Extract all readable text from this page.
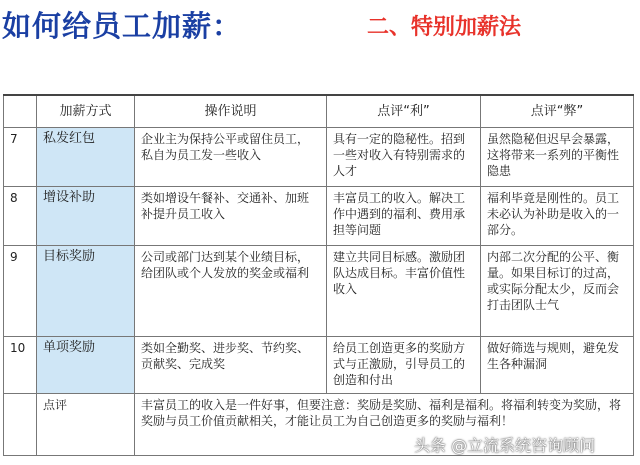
如何给员工加薪：	二、特别加薪法
	加薪方式	操作说明	点评“利”	点评“弊”
7	私发红包	企业主为保持公平或留住员工，私自为员工发一些收入	具有一定的隐秘性。招到一些对收入有特别需求的人才	虽然隐秘但迟早会暴露，这将带来一系列的平衡性隐患
8	增设补助	类如增设午餐补、交通补、加班补提升员工收入	丰富员工的收入。解决工作中遇到的福利、费用承担等问题	福利毕竟是刚性的。员工未必认为补助是收入的一部分。
9	目标奖励	公司或部门达到某个业绩目标，给团队或个人发放的奖金或福利	建立共同目标感。激励团队达成目标。丰富价值性收入	内部二次分配的公平、衡量。如果目标订的过高，或实际分配太少，反而会打击团队士气
10	单项奖励	类如全勤奖、进步奖、节约奖、贡献奖、完成奖	给员工创造更多的奖励方式与正激励，引导员工的创造和付出	做好筛选与规则，避免发生各种漏洞
	点评	丰富员工的收入是一件好事，但要注意：奖励是奖励、福利是福利。将福利转变为奖励，将奖励与员工价值贡献相关，才能让员工为自己创造更多的奖励与福利！		
头条 @立流系统咨询顾问
